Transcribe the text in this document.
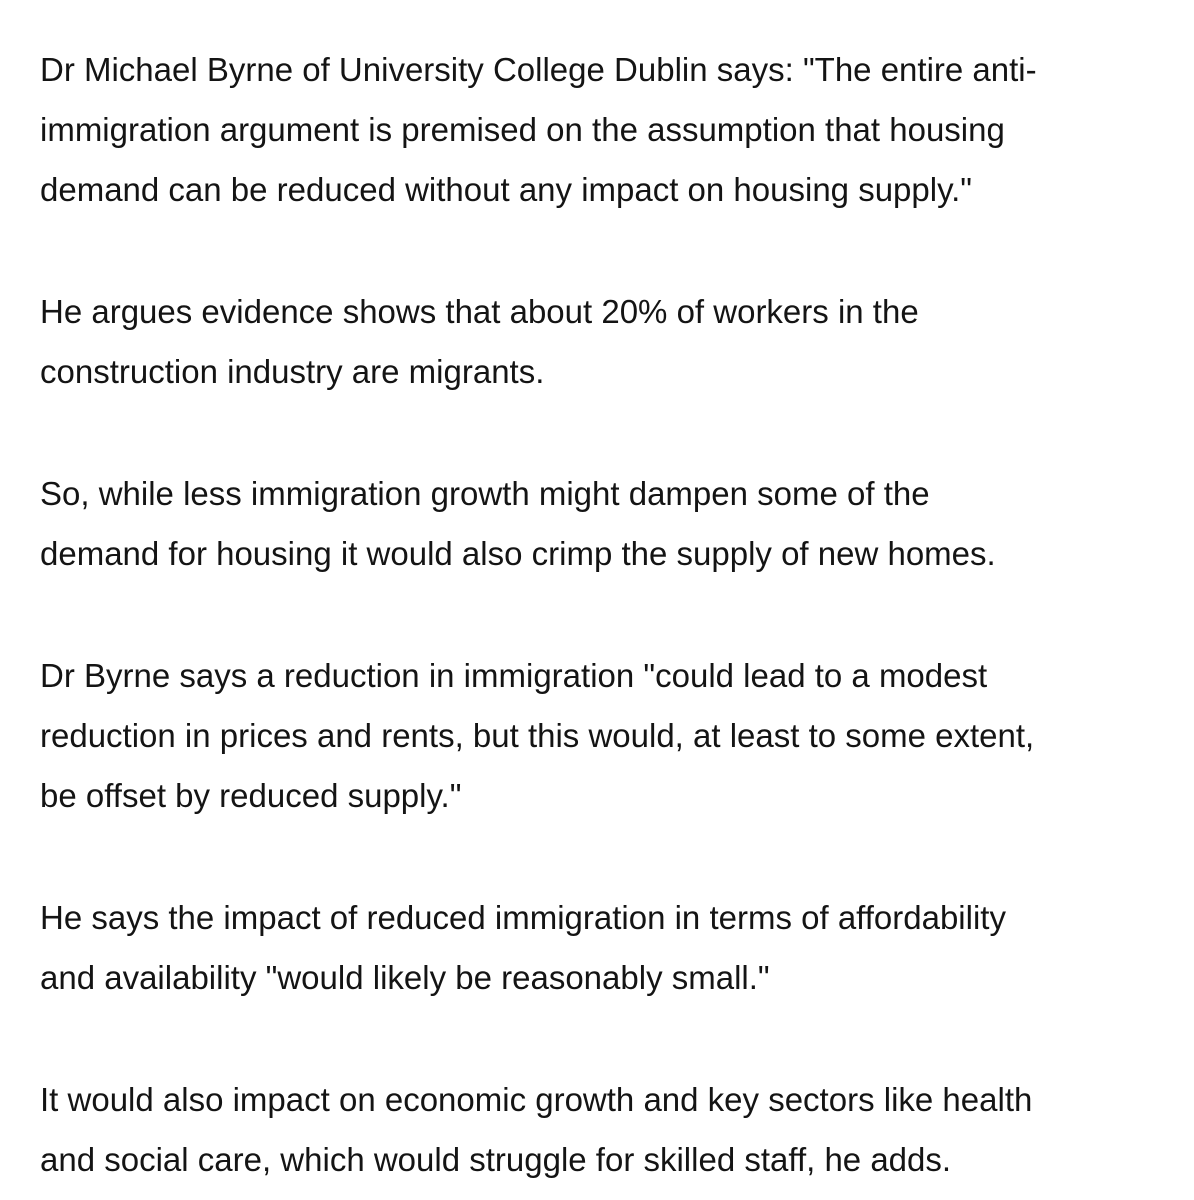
Dr Michael Byrne of University College Dublin says: "The entire anti-
immigration argument is premised on the assumption that housing
demand can be reduced without any impact on housing supply."

He argues evidence shows that about 20% of workers in the
construction industry are migrants.

So, while less immigration growth might dampen some of the
demand for housing it would also crimp the supply of new homes.

Dr Byrne says a reduction in immigration "could lead to a modest
reduction in prices and rents, but this would, at least to some extent,
be offset by reduced supply."

He says the impact of reduced immigration in terms of affordability
and availability "would likely be reasonably small."

It would also impact on economic growth and key sectors like health
and social care, which would struggle for skilled staff, he adds.
